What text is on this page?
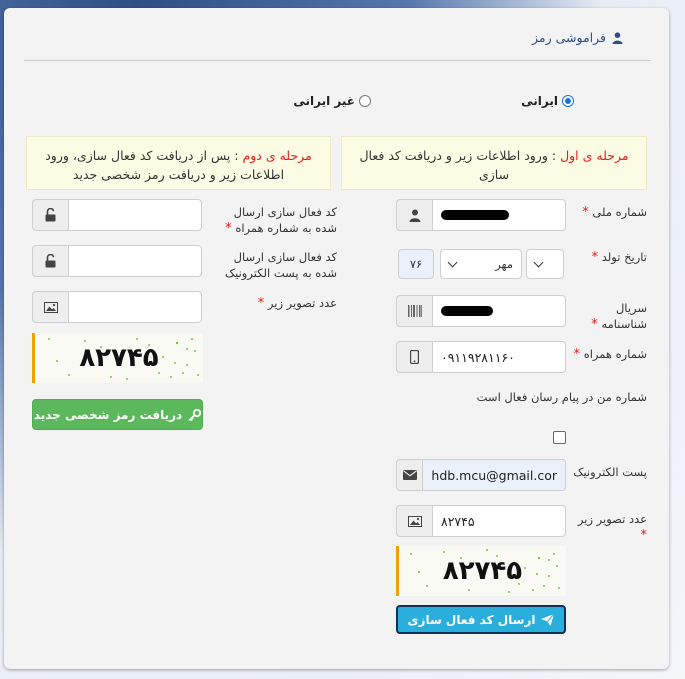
فراموشی رمز
ایرانی
غیر ایرانی
مرحله ی اول : ورود اطلاعات زیر و دریافت کد فعال سازی
مرحله ی دوم : پس از دریافت کد فعال سازی، ورود اطلاعات زیر و دریافت رمز شخصی جدید
شماره ملی *
تاریخ تولد *
مهر
۷۶
سریال شناسنامه *
شماره همراه *
۰۹۱۱۹۲۸۱۱۶۰
شماره من در پیام رسان فعال است
پست الکترونیک
hdb.mcu@gmail.cor
عدد تصویر زیر *
۸۲۷۴۵
۸۲۷۴۵
ارسال کد فعال سازی
کد فعال سازی ارسال شده به شماره همراه *
کد فعال سازی ارسال شده به پست الکترونیک
عدد تصویر زیر *
۸۲۷۴۵
دریافت رمز شخصی جدید
